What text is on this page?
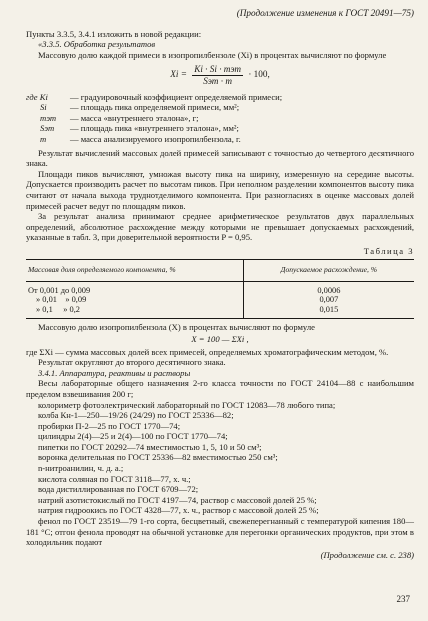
(Продолжение изменения к ГОСТ 20491—75)

Пункты 3.3.5, 3.4.1 изложить в новой редакции:

«3.3.5. Обработка результатов

Массовую долю каждой примеси в изопропилбензоле (Xi) в процентах вычисляют по формуле

$Xi = \frac{\text{Ki · Si · mэт}}{\text{Sэт · m}} \cdot 100$,
где Ki	— градуировочный коэффициент определяемой примеси;
Si	— площадь пика определяемой примеси, мм²;
mэт	— масса «внутреннего эталона», г;
Sэт	— площадь пика «внутреннего эталона», мм²;
m	— масса анализируемого изопропилбензола, г.

Результат вычислений массовых долей примесей записывают с точностью до четвертого десятичного знака.

Площади пиков вычисляют, умножая высоту пика на ширину, измеренную на середине высоты. Допускается производить расчет по высотам пиков. При неполном разделении компонентов высоту пика считают от начала выхода труднотделимого компонента. При разногласиях в оценке массовых долей примесей расчет ведут по площадям пиков.

За результат анализа принимают среднее арифметическое результатов двух параллельных определений, абсолютное расхождение между которыми не превышает допускаемых расхождений, указанные в табл. 3, при доверительной вероятности P = 0,95.

Таблица 3
Массовая доля определяемого компонента, %	Допускаемое расхождение, %

От 0,001 до 0,009	0,0006
» 0,01    » 0,09	0,007
» 0,1     » 0,2	0,015

Массовую долю изопропилбензола (X) в процентах вычисляют по формуле

X = 100 — ΣXi ,

где ΣXi — сумма массовых долей всех примесей, определяемых хроматографическим методом, %.

Результат округляют до второго десятичного знака.

3.4.1. Аппаратура, реактивы и растворы

Весы лабораторные общего назначения 2-го класса точности по ГОСТ 24104—88 с наибольшим пределом взвешивания 200 г;

колориметр фотоэлектрический лабораторный по ГОСТ 12083—78 любого типа;

колба Кн-1—250—19/26 (24/29) по ГОСТ 25336—82;

пробирки П-2—25 по ГОСТ 1770—74;

цилиндры 2(4)—25 и 2(4)—100 по ГОСТ 1770—74;

пипетки по ГОСТ 20292—74 вместимостью 1, 5, 10 и 50 см³;

воронка делительная по ГОСТ 25336—82 вместимостью 250 см³;

n-нитроанилин, ч. д. а.;

кислота соляная по ГОСТ 3118—77, х. ч.;

вода дистиллированная по ГОСТ 6709—72;

натрий азотистокислый по ГОСТ 4197—74, раствор с массовой долей 25 %;

натрия гидроокись по ГОСТ 4328—77, х. ч., раствор с массовой долей 25 %;

фенол по ГОСТ 23519—79 1-го сорта, бесцветный, свежеперегнанный с температурой кипения 180—181 °С; отгон фенола проводят на обычной установке для перегонки органических продуктов, при этом в холодильник подают

(Продолжение см. с. 238)
237
